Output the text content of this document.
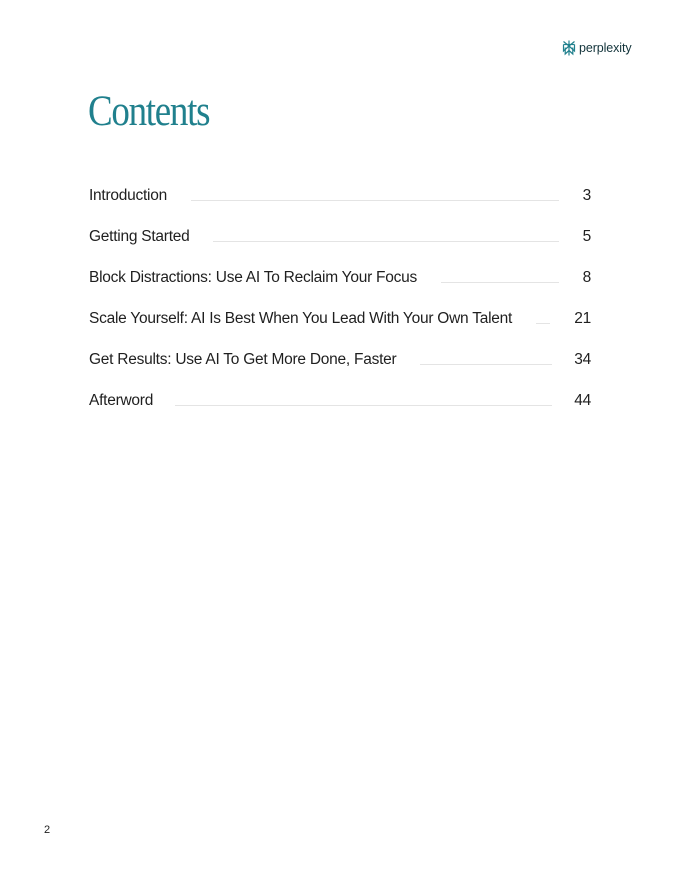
perplexity
Contents
Introduction	3
Getting Started	5
Block Distractions: Use AI To Reclaim Your Focus	8
Scale Yourself: AI Is Best When You Lead With Your Own Talent	21
Get Results: Use AI To Get More Done, Faster	34
Afterword	44
2
